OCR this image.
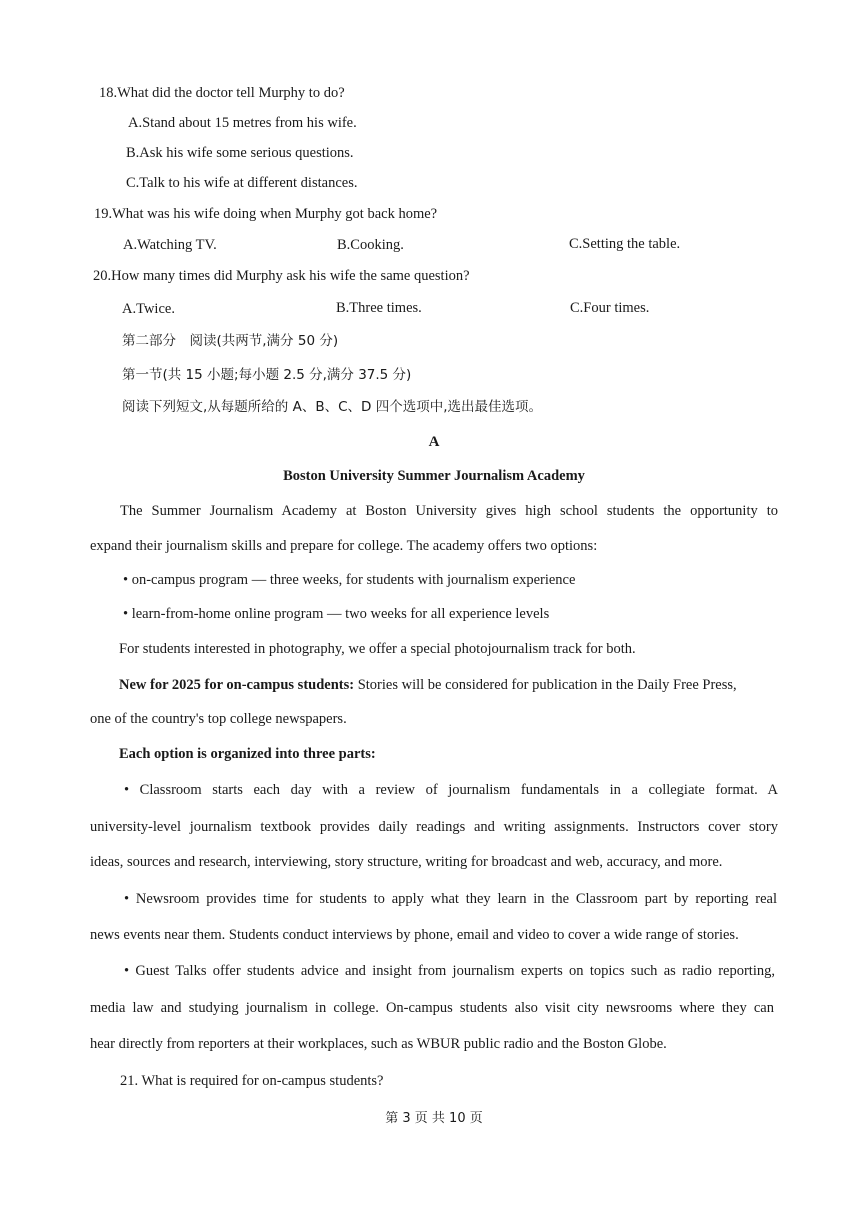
18.What did the doctor tell Murphy to do?
A.Stand about 15 metres from his wife.
B.Ask his wife some serious questions.
C.Talk to his wife at different distances.
19.What was his wife doing when Murphy got back home?
A.Watching TV.	B.Cooking.	C.Setting the table.
20.How many times did Murphy ask his wife the same question?
A.Twice.	B.Three times.	C.Four times.
第二部分　阅读(共两节,满分 50 分)
第一节(共 15 小题;每小题 2.5 分,满分 37.5 分)
阅读下列短文,从每题所给的 A、B、C、D 四个选项中,选出最佳选项。
A
Boston University Summer Journalism Academy
The Summer Journalism Academy at Boston University gives high school students the opportunity to
expand their journalism skills and prepare for college. The academy offers two options:
• on-campus program — three weeks, for students with journalism experience
• learn-from-home online program — two weeks for all experience levels
For students interested in photography, we offer a special photojournalism track for both.
New for 2025 for on-campus students: Stories will be considered for publication in the Daily Free Press,
one of the country's top college newspapers.
Each option is organized into three parts:
• Classroom starts each day with a review of journalism fundamentals in a collegiate format. A
university-level journalism textbook provides daily readings and writing assignments. Instructors cover story
ideas, sources and research, interviewing, story structure, writing for broadcast and web, accuracy, and more.
• Newsroom provides time for students to apply what they learn in the Classroom part by reporting real
news events near them. Students conduct interviews by phone, email and video to cover a wide range of stories.
• Guest Talks offer students advice and insight from journalism experts on topics such as radio reporting,
media law and studying journalism in college. On-campus students also visit city newsrooms where they can
hear directly from reporters at their workplaces, such as WBUR public radio and the Boston Globe.
21. What is required for on-campus students?
第 3 页 共 10 页
